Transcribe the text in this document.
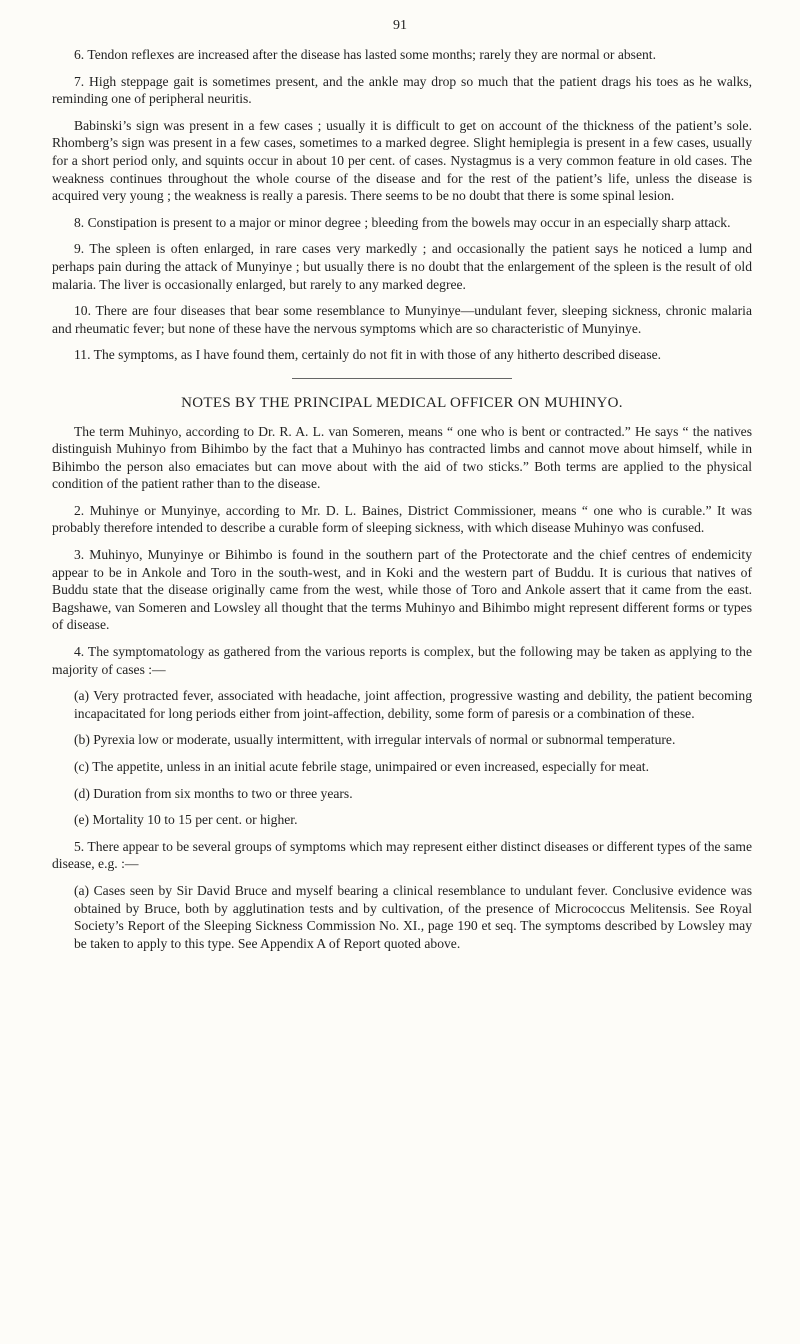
91

6. Tendon reflexes are increased after the disease has lasted some months; rarely they are normal or absent.

7. High steppage gait is sometimes present, and the ankle may drop so much that the patient drags his toes as he walks, reminding one of peripheral neuritis.

Babinski’s sign was present in a few cases ; usually it is difficult to get on account of the thickness of the patient’s sole. Rhomberg’s sign was present in a few cases, sometimes to a marked degree. Slight hemiplegia is present in a few cases, usually for a short period only, and squints occur in about 10 per cent. of cases. Nystagmus is a very common feature in old cases. The weakness continues throughout the whole course of the disease and for the rest of the patient’s life, unless the disease is acquired very young ; the weakness is really a paresis. There seems to be no doubt that there is some spinal lesion.

8. Constipation is present to a major or minor degree ; bleeding from the bowels may occur in an especially sharp attack.

9. The spleen is often enlarged, in rare cases very markedly ; and occasionally the patient says he noticed a lump and perhaps pain during the attack of Munyinye ; but usually there is no doubt that the enlargement of the spleen is the result of old malaria. The liver is occasionally enlarged, but rarely to any marked degree.

10. There are four diseases that bear some resemblance to Munyinye—undulant fever, sleeping sickness, chronic malaria and rheumatic fever; but none of these have the nervous symptoms which are so characteristic of Munyinye.

11. The symptoms, as I have found them, certainly do not fit in with those of any hitherto described disease.

NOTES BY THE PRINCIPAL MEDICAL OFFICER ON MUHINYO.

The term Muhinyo, according to Dr. R. A. L. van Someren, means “ one who is bent or contracted.” He says “ the natives distinguish Muhinyo from Bihimbo by the fact that a Muhinyo has contracted limbs and cannot move about himself, while in Bihimbo the person also emaciates but can move about with the aid of two sticks.” Both terms are applied to the physical condition of the patient rather than to the disease.

2. Muhinye or Munyinye, according to Mr. D. L. Baines, District Commissioner, means “ one who is curable.” It was probably therefore intended to describe a curable form of sleeping sickness, with which disease Muhinyo was confused.

3. Muhinyo, Munyinye or Bihimbo is found in the southern part of the Protectorate and the chief centres of endemicity appear to be in Ankole and Toro in the south-west, and in Koki and the western part of Buddu. It is curious that natives of Buddu state that the disease originally came from the west, while those of Toro and Ankole assert that it came from the east. Bagshawe, van Someren and Lowsley all thought that the terms Muhinyo and Bihimbo might represent different forms or types of disease.

4. The symptomatology as gathered from the various reports is complex, but the following may be taken as applying to the majority of cases :—

(a) Very protracted fever, associated with headache, joint affection, progressive wasting and debility, the patient becoming incapacitated for long periods either from joint-affection, debility, some form of paresis or a combination of these.

(b) Pyrexia low or moderate, usually intermittent, with irregular intervals of normal or subnormal temperature.

(c) The appetite, unless in an initial acute febrile stage, unimpaired or even increased, especially for meat.

(d) Duration from six months to two or three years.

(e) Mortality 10 to 15 per cent. or higher.

5. There appear to be several groups of symptoms which may represent either distinct diseases or different types of the same disease, e.g. :—

(a) Cases seen by Sir David Bruce and myself bearing a clinical resemblance to undulant fever. Conclusive evidence was obtained by Bruce, both by agglutination tests and by cultivation, of the presence of Micrococcus Melitensis. See Royal Society’s Report of the Sleeping Sickness Commission No. XI., page 190 et seq. The symptoms described by Lowsley may be taken to apply to this type. See Appendix A of Report quoted above.
